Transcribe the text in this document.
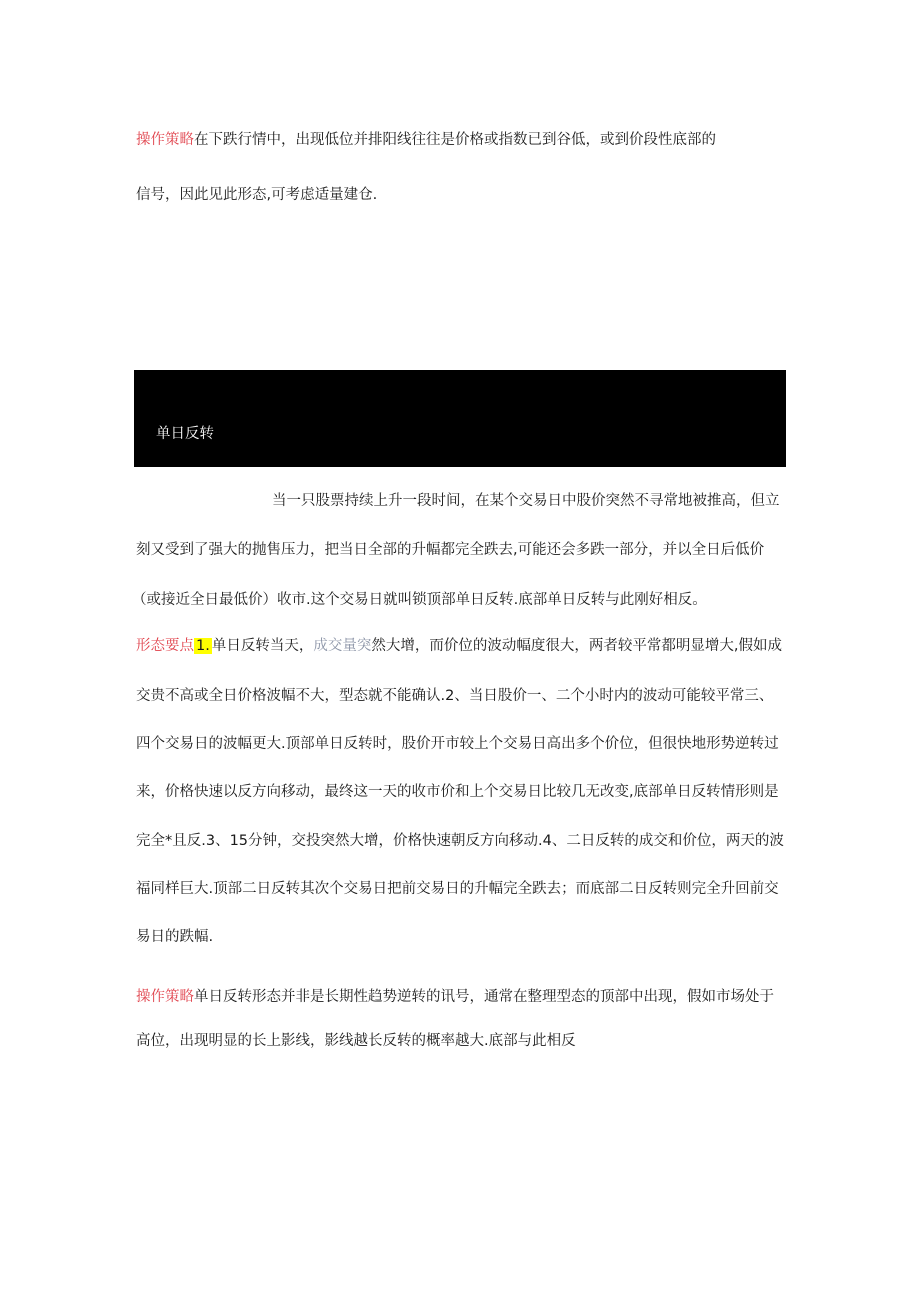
操作策略在下跌行情中，出现低位并排阳线往往是价格或指数已到谷低，或到价段性底部的

信号，因此见此形态,可考虑适量建仓.

单日反转

当一只股票持续上升一段时间，在某个交易日中股价突然不寻常地被推高，但立

刻又受到了强大的抛售压力，把当日全部的升幅都完全跌去,可能还会多跌一部分，并以全日后低价

（或接近全日最低价）收市.这个交易日就叫锁顶部单日反转.底部单日反转与此刚好相反。

形态要点 1. 单日反转当天，成交量突然大增，而价位的波动幅度很大，两者较平常都明显增大,假如成

交贵不高或全日价格波幅不大，型态就不能确认.2、当日股价一、二个小时内的波动可能较平常三、

四个交易日的波幅更大.顶部单日反转时，股价开市较上个交易日高出多个价位，但很快地形势逆转过

来，价格快速以反方向移动，最终这一天的收市价和上个交易日比较几无改变,底部单日反转情形则是

完全*且反.3、15分钟，交投突然大增，价格快速朝反方向移动.4、二日反转的成交和价位，两天的波

福同样巨大.顶部二日反转其次个交易日把前交易日的升幅完全跌去；而底部二日反转则完全升回前交

易日的跌幅.

操作策略单日反转形态并非是长期性趋势逆转的讯号，通常在整理型态的顶部中出现，假如市场处于

高位，出现明显的长上影线，影线越长反转的概率越大.底部与此相反
